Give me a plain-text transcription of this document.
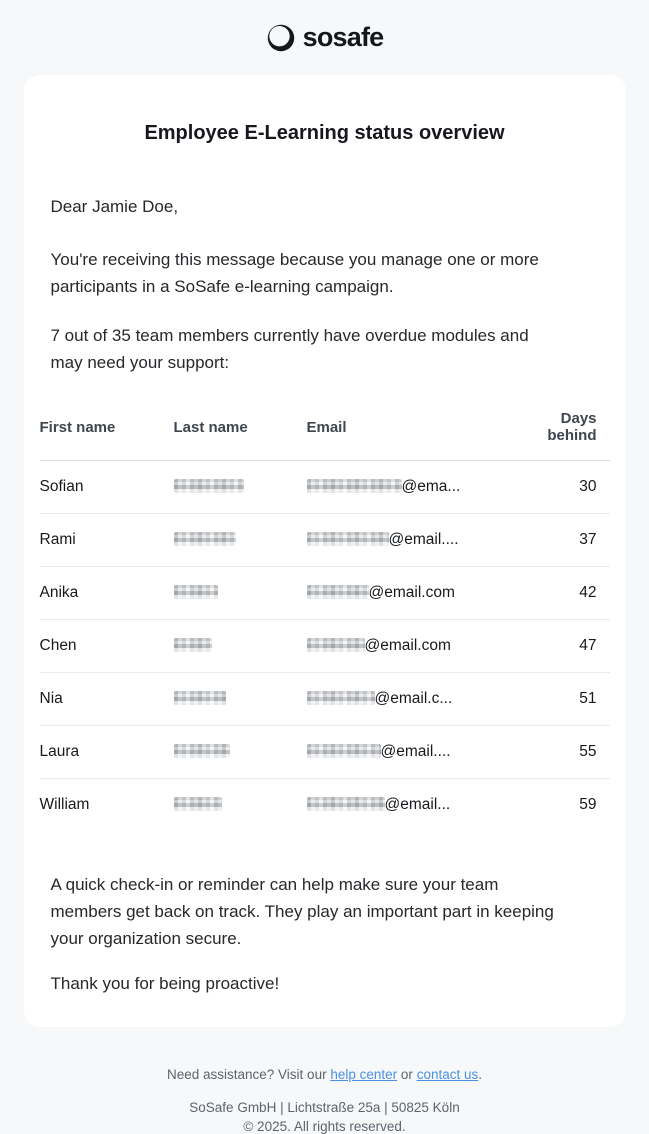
sosafe
Employee E-Learning status overview

Dear Jamie Doe,

You're receiving this message because you manage one or more participants in a SoSafe e-learning campaign.

7 out of 35 team members currently have overdue modules and may need your support:

First name	Last name	Email	Days behind
Sofian		@ema...	30
Rami		@email....	37
Anika		@email.com	42
Chen		@email.com	47
Nia		@email.c...	51
Laura		@email....	55
William		@email...	59

A quick check-in or reminder can help make sure your team members get back on track. They play an important part in keeping your organization secure.

Thank you for being proactive!

Need assistance? Visit our help center or contact us.
SoSafe GmbH | Lichtstraße 25a | 50825 Köln
© 2025. All rights reserved.
